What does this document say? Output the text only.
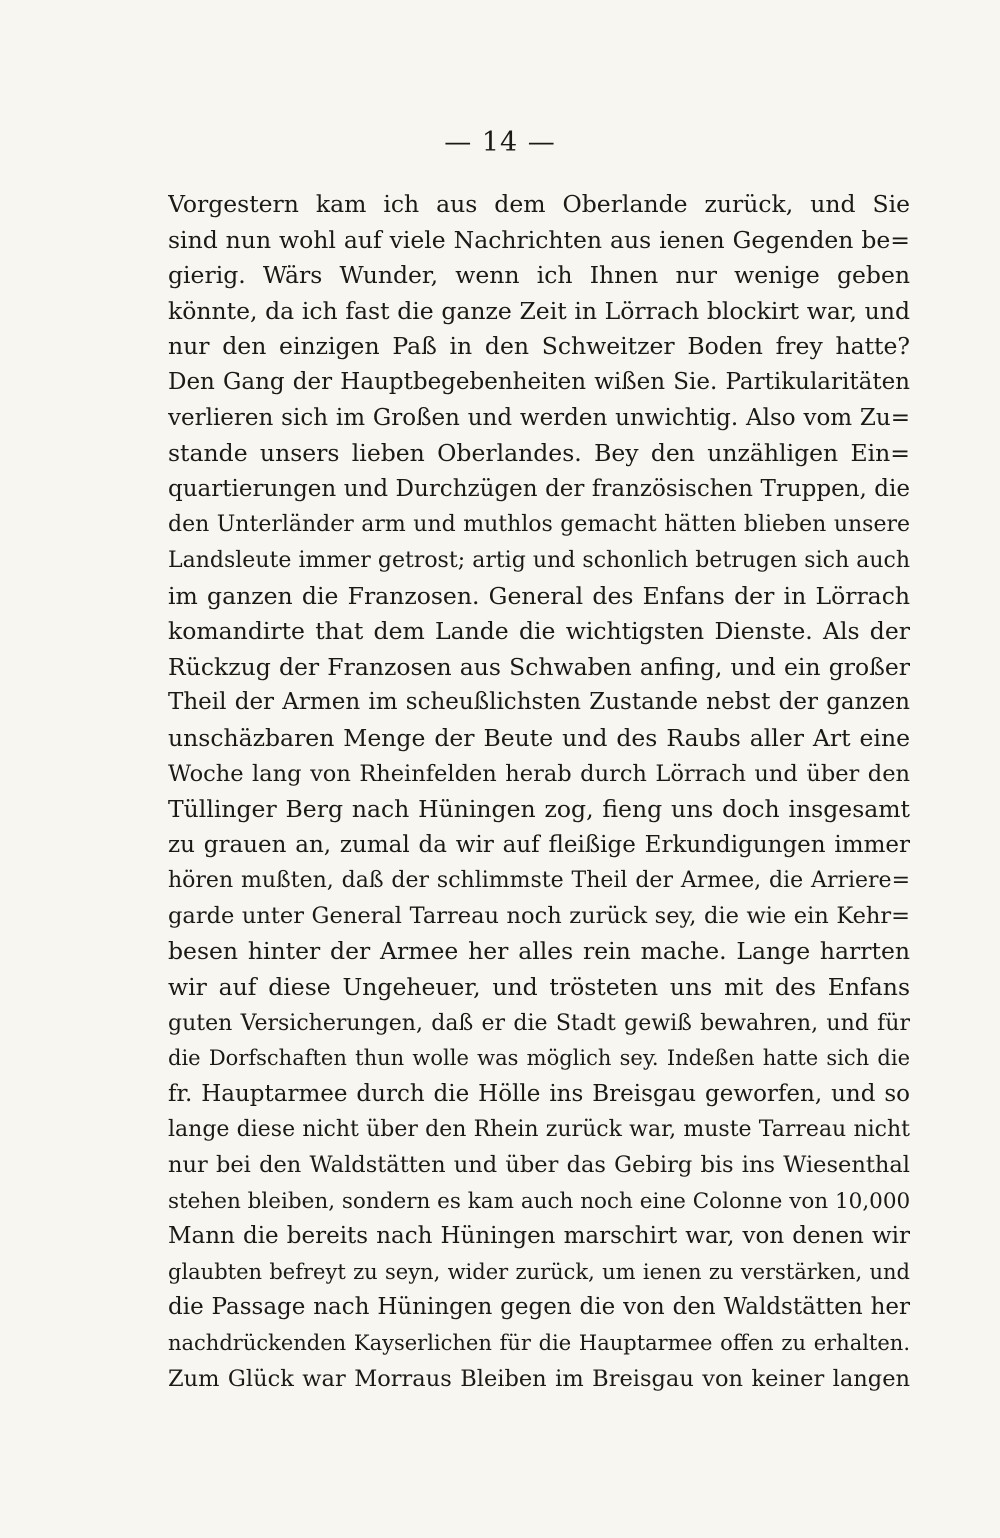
— 14 —
Vorgestern kam ich aus dem Oberlande zurück, und Sie
sind nun wohl auf viele Nachrichten aus ienen Gegenden be=
gierig. Wärs Wunder, wenn ich Ihnen nur wenige geben
könnte, da ich fast die ganze Zeit in Lörrach blockirt war, und
nur den einzigen Paß in den Schweitzer Boden frey hatte?
Den Gang der Hauptbegebenheiten wißen Sie. Partikularitäten
verlieren sich im Großen und werden unwichtig. Also vom Zu=
stande unsers lieben Oberlandes. Bey den unzähligen Ein=
quartierungen und Durchzügen der französischen Truppen, die
den Unterländer arm und muthlos gemacht hätten blieben unsere
Landsleute immer getrost; artig und schonlich betrugen sich auch
im ganzen die Franzosen. General des Enfans der in Lörrach
komandirte that dem Lande die wichtigsten Dienste. Als der
Rückzug der Franzosen aus Schwaben anfing, und ein großer
Theil der Armen im scheußlichsten Zustande nebst der ganzen
unschäzbaren Menge der Beute und des Raubs aller Art eine
Woche lang von Rheinfelden herab durch Lörrach und über den
Tüllinger Berg nach Hüningen zog, fieng uns doch insgesamt
zu grauen an, zumal da wir auf fleißige Erkundigungen immer
hören mußten, daß der schlimmste Theil der Armee, die Arriere=
garde unter General Tarreau noch zurück sey, die wie ein Kehr=
besen hinter der Armee her alles rein mache. Lange harrten
wir auf diese Ungeheuer, und trösteten uns mit des Enfans
guten Versicherungen, daß er die Stadt gewiß bewahren, und für
die Dorfschaften thun wolle was möglich sey. Indeßen hatte sich die
fr. Hauptarmee durch die Hölle ins Breisgau geworfen, und so
lange diese nicht über den Rhein zurück war, muste Tarreau nicht
nur bei den Waldstätten und über das Gebirg bis ins Wiesenthal
stehen bleiben, sondern es kam auch noch eine Colonne von 10,000
Mann die bereits nach Hüningen marschirt war, von denen wir
glaubten befreyt zu seyn, wider zurück, um ienen zu verstärken, und
die Passage nach Hüningen gegen die von den Waldstätten her
nachdrückenden Kayserlichen für die Hauptarmee offen zu erhalten.
Zum Glück war Morraus Bleiben im Breisgau von keiner langen
